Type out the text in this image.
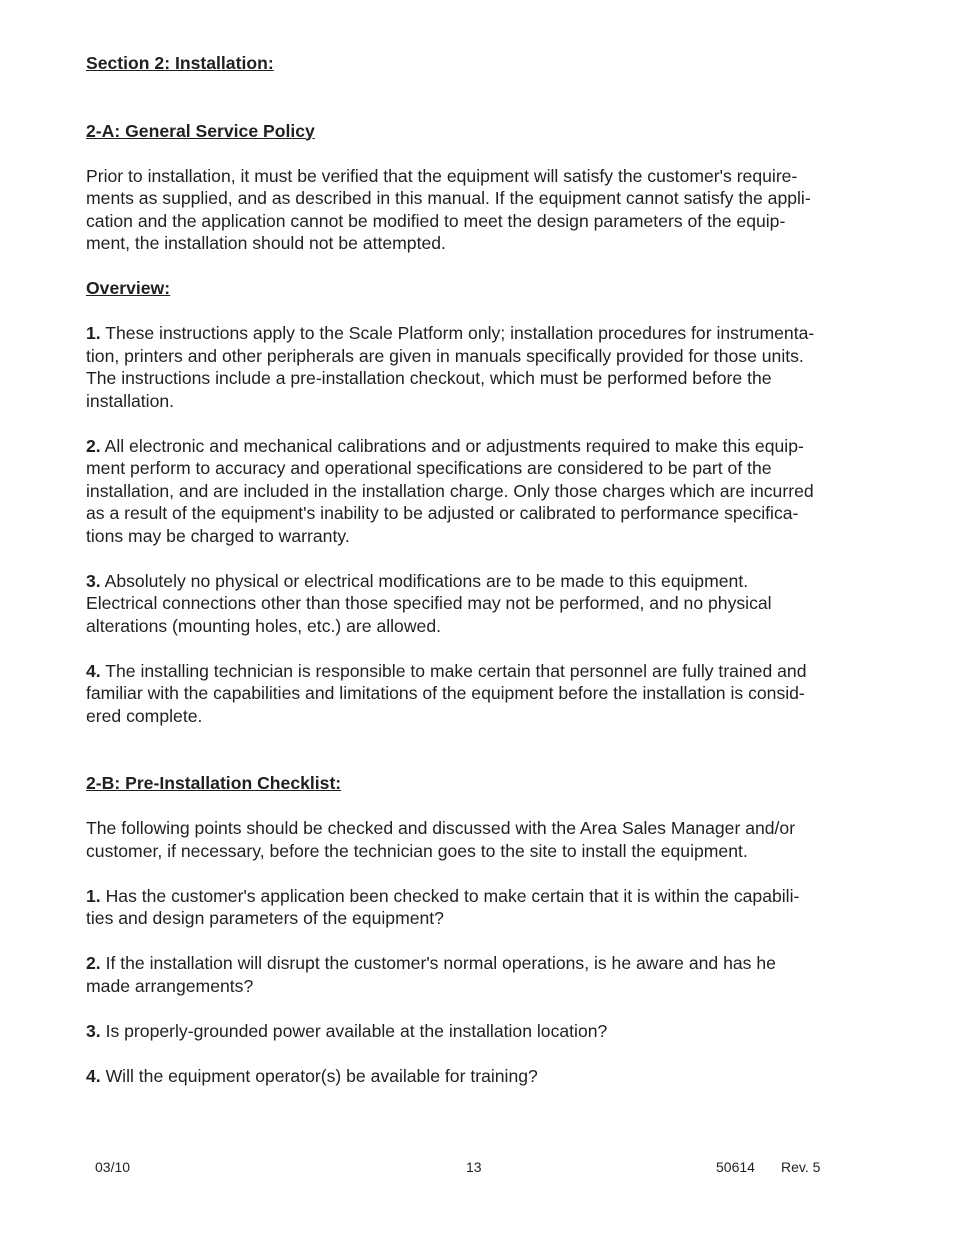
Section 2: Installation:

2-A: General Service Policy

Prior to installation, it must be verified that the equipment will satisfy the customer's require-
ments as supplied, and as described in this manual. If the equipment cannot satisfy the appli-
cation and the application cannot be modified to meet the design parameters of the equip-
ment, the installation should not be attempted.

Overview:

1. These instructions apply to the Scale Platform only; installation procedures for instrumenta-
tion, printers and other peripherals are given in manuals specifically provided for those units.
The instructions include a pre-installation checkout, which must be performed before the
installation.

2. All electronic and mechanical calibrations and or adjustments required to make this equip-
ment perform to accuracy and operational specifications are considered to be part of the
installation, and are included in the installation charge. Only those charges which are incurred
as a result of the equipment's inability to be adjusted or calibrated to performance specifica-
tions may be charged to warranty.

3. Absolutely no physical or electrical modifications are to be made to this equipment.
Electrical connections other than those specified may not be performed, and no physical
alterations (mounting holes, etc.) are allowed.

4. The installing technician is responsible to make certain that personnel are fully trained and
familiar with the capabilities and limitations of the equipment before the installation is consid-
ered complete.

2-B: Pre-Installation Checklist:

The following points should be checked and discussed with the Area Sales Manager and/or
customer, if necessary, before the technician goes to the site to install the equipment.

1. Has the customer's application been checked to make certain that it is within the capabili-
ties and design parameters of the equipment?

2. If the installation will disrupt the customer's normal operations, is he aware and has he
made arrangements?

3. Is properly-grounded power available at the installation location?

4. Will the equipment operator(s) be available for training?

03/10	13	50614 Rev. 5
